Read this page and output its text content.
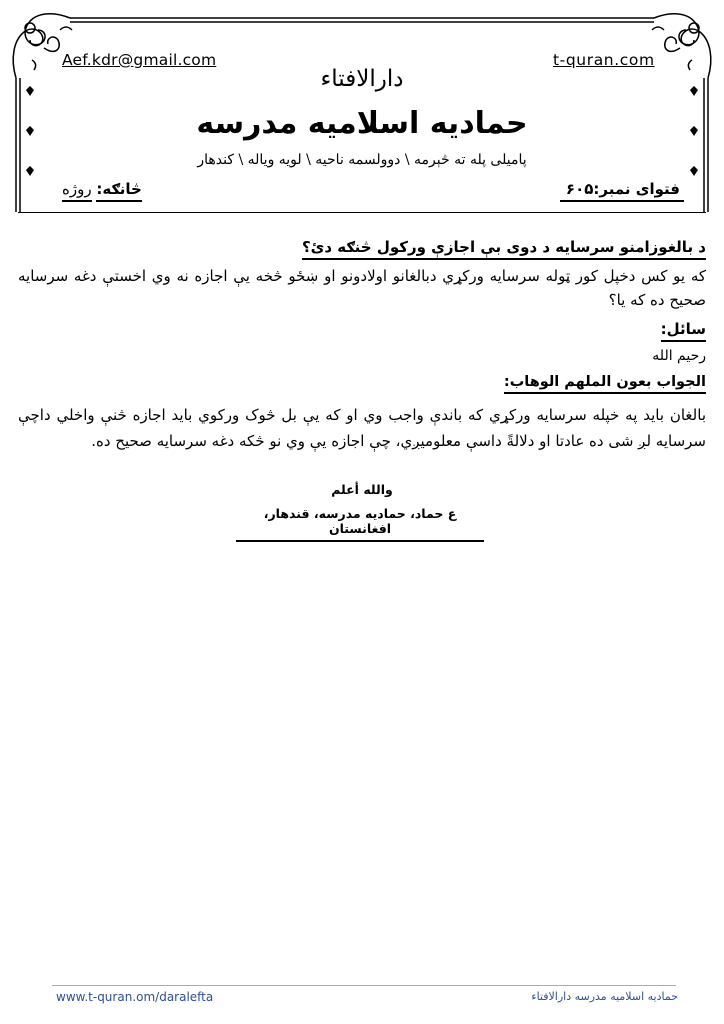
Aef.kdr@gmail.com	t-quran.com
دارالافتاء
حمادیه اسلامیه مدرسه
پامیلی پله ته څېرمه \ دوولسمه ناحیه \ لویه ویاله \ کندهار
فتوای نمبر:۶۰۵
څانګه: روژه
د بالغوزامنو سرسایه د دوی بې اجازې ورکول څنګه دئ؟
که یو کس دخپل کور ټوله سرسایه ورکړي دبالغانو اولادونو او ښځو څخه یې اجازه نه وي اخستې دغه سرسایه صحیح ده که یا؟
سائل:
رحیم الله
الجواب بعون الملهم الوهاب:
بالغان باید په خپله سرسایه ورکړي که باندې واجب وي او که یې بل څوک ورکوي باید اجازه څنې واخلي داچې سرسایه لږ شی ده عادتا او دلالةً داسې معلومیږي، چې اجازه یې وي نو څکه دغه سرسایه صحیح ده.
والله أعلم
ع حماد، حمادیه مدرسه، قندهار، افغانستان
www.t-quran.om/daralefta	حمادیه اسلامیه مدرسه دارالافتاء
